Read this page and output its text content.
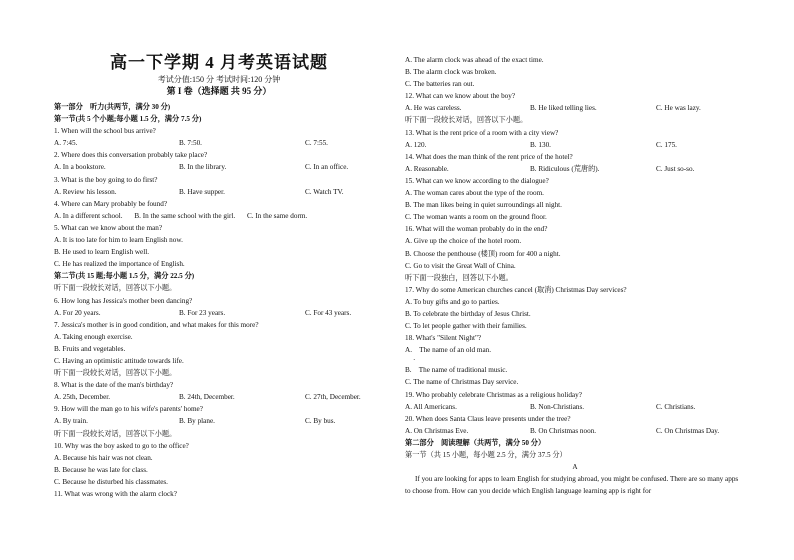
高一下学期 4 月考英语试题
考试分值:150 分 考试时间:120 分钟
第 I 卷（选择题 共 95 分）
第一部分　听力(共两节，满分 30 分)
第一节(共 5 个小题;每小题 1.5 分，满分 7.5 分)
1. When will the school bus arrive?
A. 7:45.	B. 7:50.	C. 7:55.
2. Where does this conversation probably take place?
A. In a bookstore.	B. In the library.	C. In an office.
3. What is the boy going to do first?
A. Review his lesson.	B. Have supper.	C. Watch TV.
4. Where can Mary probably be found?
A. In a different school. B. In the same school with the girl. C. In the same dorm.
5. What can we know about the man?
A. It is too late for him to learn English now.
B. He used to learn English well.
C. He has realized the importance of English.
第二节(共 15 题;每小题 1.5 分，满分 22.5 分)
听下面一段较长对话，回答以下小题。
6. How long has Jessica's mother been dancing?
A. For 20 years.	B. For 23 years.	C. For 43 years.
7. Jessica's mother is in good condition, and what makes for this more?
A. Taking enough exercise.
B. Fruits and vegetables.
C. Having an optimistic attitude towards life.
听下面一段较长对话，回答以下小题。
8. What is the date of the man's birthday?
A. 25th, December.	B. 24th, December.	C. 27th, December.
9. How will the man go to his wife's parents' home?
A. By train.	B. By plane.	C. By bus.
听下面一段较长对话，回答以下小题。
10. Why was the boy asked to go to the office?
A. Because his hair was not clean.
B. Because he was late for class.
C. Because he disturbed his classmates.
11. What was wrong with the alarm clock?
A. The alarm clock was ahead of the exact time.
B. The alarm clock was broken.
C. The batteries ran out.
12. What can we know about the boy?
A. He was careless.	B. He liked telling lies.	C. He was lazy.
听下面一段较长对话，回答以下小题。
13. What is the rent price of a room with a city view?
A. 120.	B. 130.	C. 175.
14. What does the man think of the rent price of the hotel?
A. Reasonable.	B. Ridiculous (荒唐的).	C. Just so-so.
15. What can we know according to the dialogue?
A. The woman cares about the type of the room.
B. The man likes being in quiet surroundings all night.
C. The woman wants a room on the ground floor.
16. What will the woman probably do in the end?
A. Give up the choice of the hotel room.
B. Choose the penthouse (楼顶) room for 400 a night.
C. Go to visit the Great Wall of China.
听下面一段独白，回答以下小题。
17. Why do some American churches cancel (取消) Christmas Day services?
A. To buy gifts and go to parties.
B. To celebrate the birthday of Jesus Christ.
C. To let people gather with their families.
18. What's "Silent Night"?
A.　The name of an old man.
·
B.　The name of traditional music.
C. The name of Christmas Day service.
19. Who probably celebrate Christmas as a religious holiday?
A. All Americans.	B. Non-Christians.	C. Christians.
20. When does Santa Claus leave presents under the tree?
A. On Christmas Eve.	B. On Christmas noon.	C. On Christmas Day.
第二部分　阅读理解（共两节，满分 50 分）
第一节（共 15 小题，每小题 2.5 分，满分 37.5 分）
A
If you are looking for apps to learn English for studying abroad, you might be confused. There are so many apps to choose from. How can you decide which English language learning app is right for
